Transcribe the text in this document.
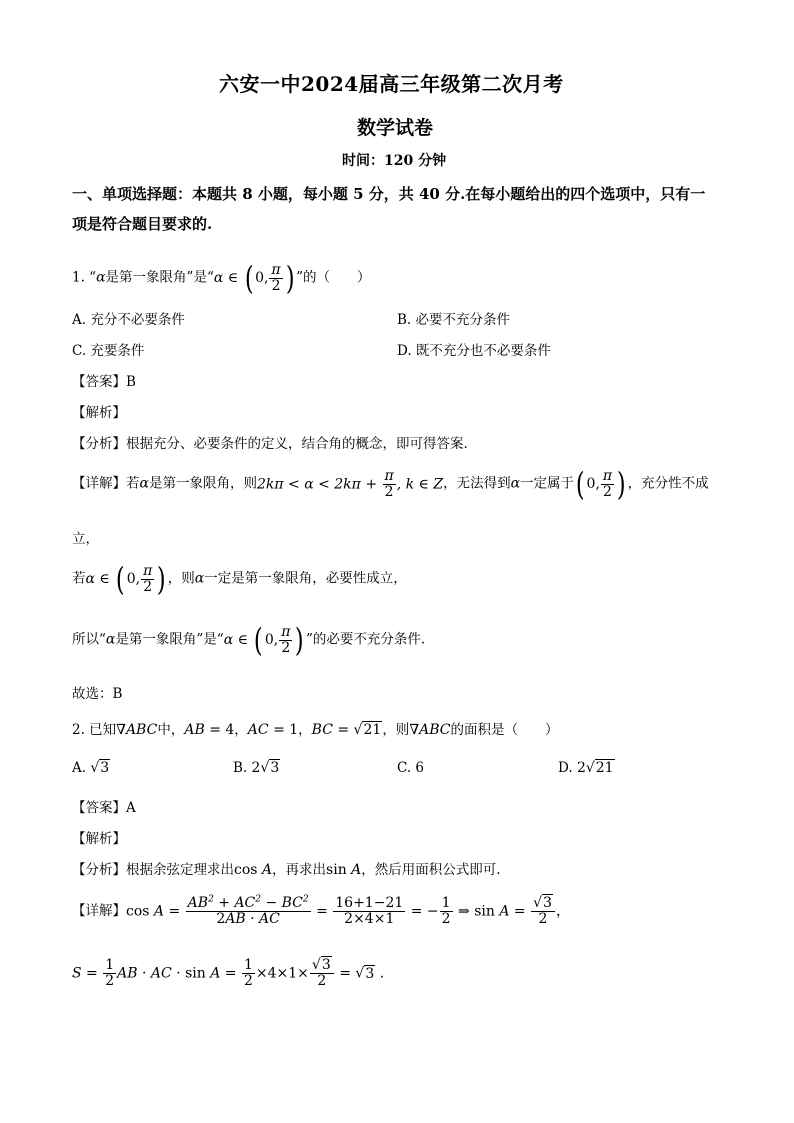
六安一中2024届高三年级第二次月考
数学试卷
时间：120 分钟
一、单项选择题：本题共 8 小题，每小题 5 分，共 40 分.在每小题给出的四个选项中，只有一
项是符合题目要求的.
1. “α是第一象限角”是“α ∈ ( 0, $\frac{\pi}{2}$ ) ”的（　　）
A. 充分不必要条件	B. 必要不充分条件
C. 充要条件	D. 既不充分也不必要条件
【答案】B
【解析】
【分析】根据充分、必要条件的定义，结合角的概念，即可得答案.
【详解】若α是第一象限角，则$2k\pi < \alpha < 2k\pi + \frac{\pi}{2}$ , k ∈ Z，无法得到α一定属于( 0, $\frac{\pi}{2}$ ) ，充分性不成
立，
若α ∈ ( 0, $\frac{\pi}{2}$ ) ，则α一定是第一象限角，必要性成立，
所以“α是第一象限角”是“α ∈ ( 0, $\frac{\pi}{2}$ ) ”的必要不充分条件.
故选：B
2. 已知∇ABC中，AB = 4，AC = 1，BC = √21，则∇ABC的面积是（　　）
A. √3	B. 2√3	C. 6	D. 2√21
【答案】A
【解析】
【分析】根据余弦定理求出cos A，再求出sin A，然后用面积公式即可.
【详解】$\cos A = \frac{AB^2 + AC^2 - BC^2}{2AB \cdot AC} = \frac{16+1-21}{2\times 4\times 1}$ = − $\frac{1}{2}$ ⇒ $\sin A = \frac{√3}{2}$ ，
$S = \frac{1}{2}$ AB · AC · $\sin A = \frac{1}{2} \times 4\times 1\times \frac{√3}{2} = √3$ .
